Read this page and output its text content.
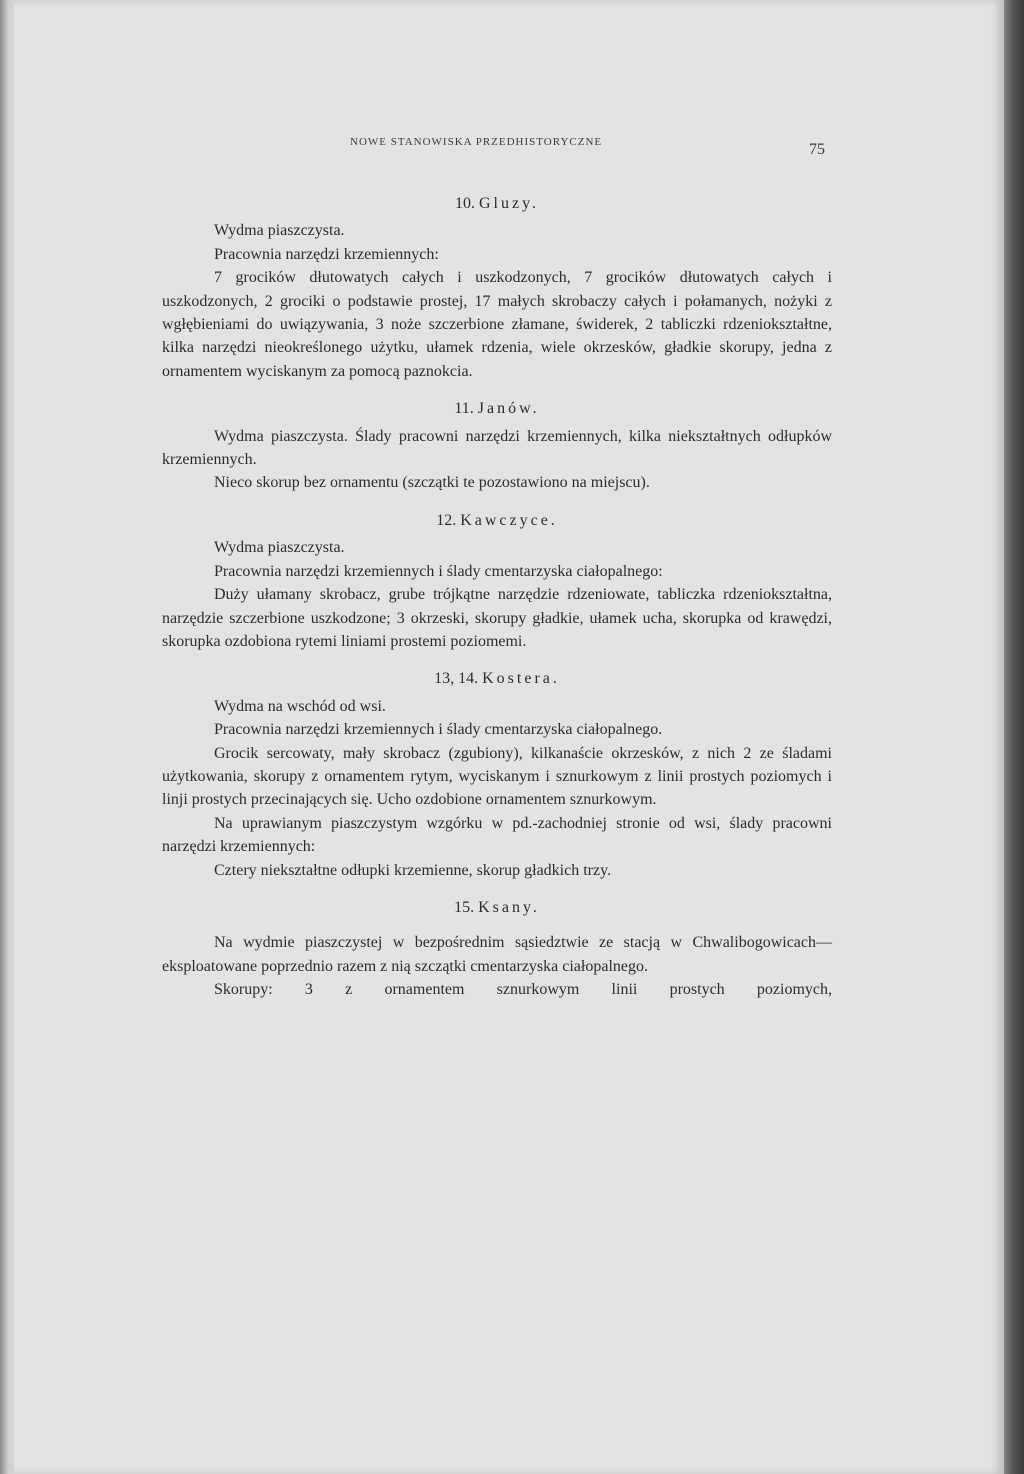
NOWE STANOWISKA PRZEDHISTORYCZNE	75
10. Gluzy.

Wydma piaszczysta.

Pracownia narzędzi krzemiennych:

7 grocików dłutowatych całych i uszkodzonych, 7 grocików dłutowatych całych i uszkodzonych, 2 grociki o podstawie prostej, 17 małych skrobaczy całych i połamanych, nożyki z wgłębieniami do uwiązywania, 3 noże szczerbione złamane, świderek, 2 tabliczki rdzeniokształtne, kilka narzędzi nieokreślonego użytku, ułamek rdzenia, wiele okrzesków, gładkie skorupy, jedna z ornamentem wyciskanym za pomocą paznokcia.

11. Janów.

Wydma piaszczysta. Ślady pracowni narzędzi krzemiennych, kilka niekształtnych odłupków krzemiennych.

Nieco skorup bez ornamentu (szczątki te pozostawiono na miejscu).

12. Kawczyce.

Wydma piaszczysta.

Pracownia narzędzi krzemiennych i ślady cmentarzyska ciałopalnego:

Duży ułamany skrobacz, grube trójkątne narzędzie rdzeniowate, tabliczka rdzeniokształtna, narzędzie szczerbione uszkodzone; 3 okrzeski, skorupy gładkie, ułamek ucha, skorupka od krawędzi, skorupka ozdobiona rytemi liniami prostemi poziomemi.

13, 14. Kostera.

Wydma na wschód od wsi.

Pracownia narzędzi krzemiennych i ślady cmentarzyska ciałopalnego.

Grocik sercowaty, mały skrobacz (zgubiony), kilkanaście okrzesków, z nich 2 ze śladami użytkowania, skorupy z ornamentem rytym, wyciskanym i sznurkowym z linii prostych poziomych i linji prostych przecinających się. Ucho ozdobione ornamentem sznurkowym.

Na uprawianym piaszczystym wzgórku w pd.-zachodniej stronie od wsi, ślady pracowni narzędzi krzemiennych:

Cztery niekształtne odłupki krzemienne, skorup gładkich trzy.

15. Ksany.

Na wydmie piaszczystej w bezpośrednim sąsiedztwie ze stacją w Chwalibogowicach—eksploatowane poprzednio razem z nią szczątki cmentarzyska ciałopalnego.

Skorupy: 3 z ornamentem sznurkowym linii prostych poziomych,
